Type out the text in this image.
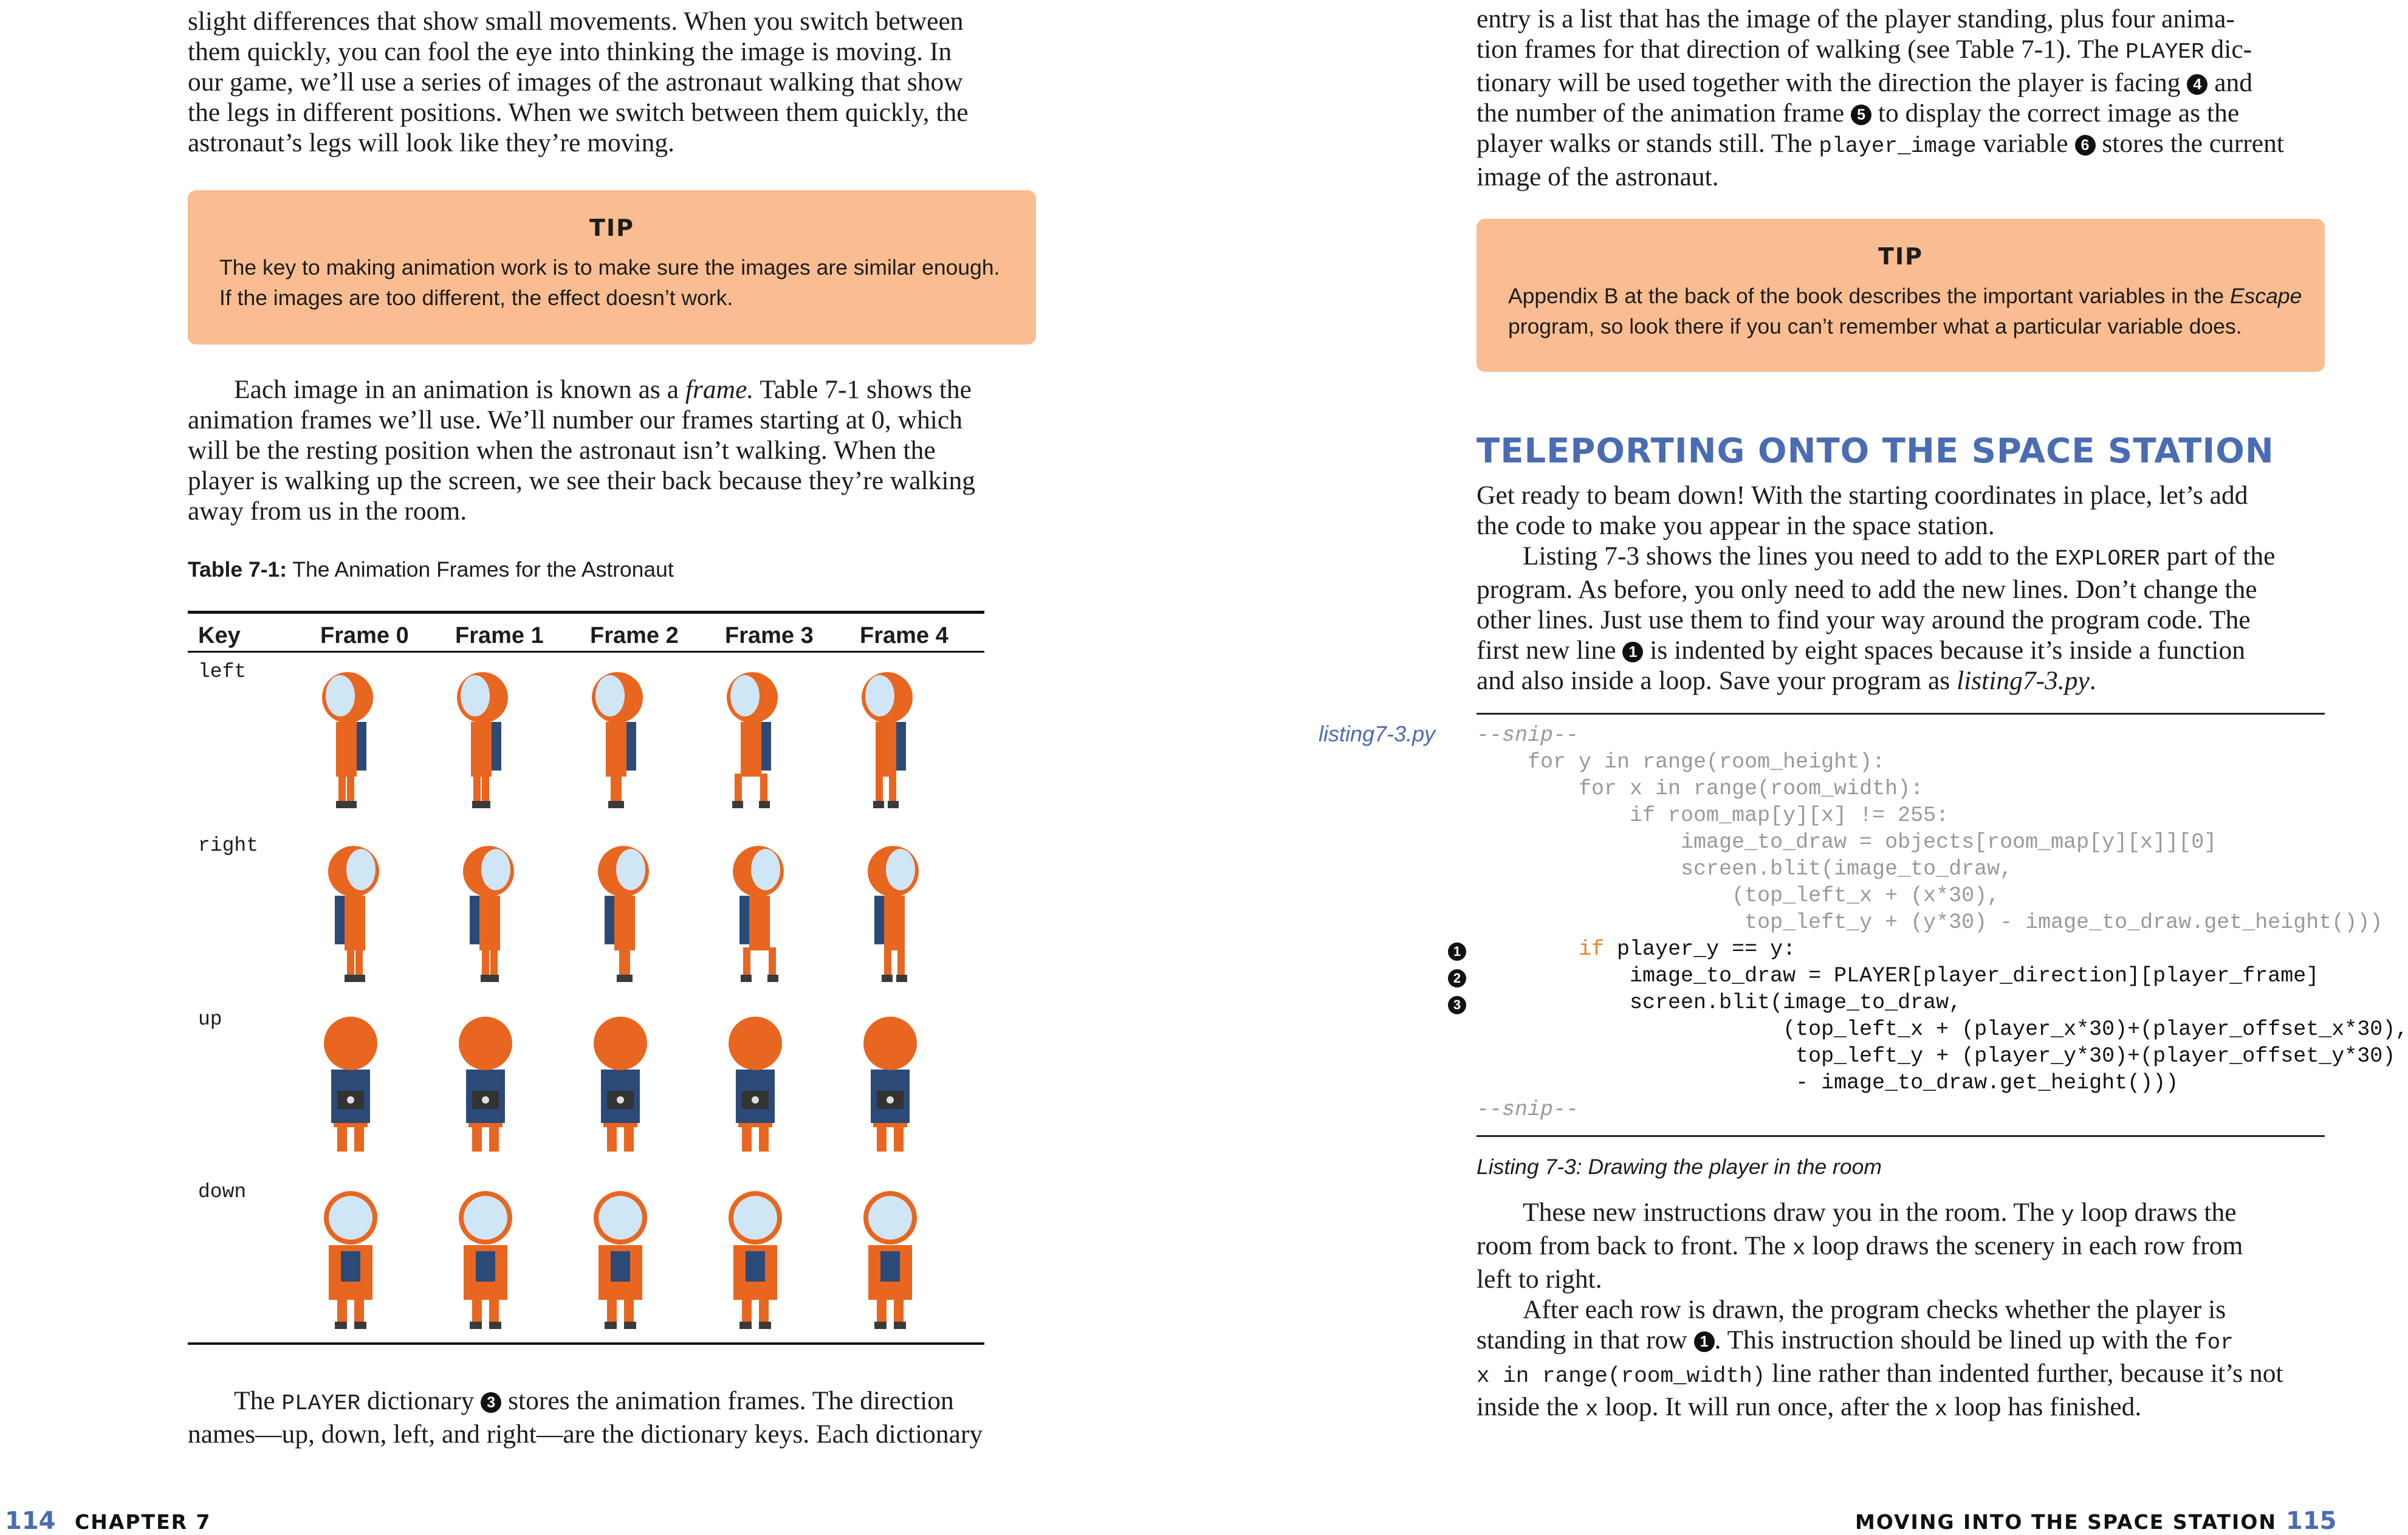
slight differences that show small movements. When you switch between
them quickly, you can fool the eye into thinking the image is moving. In
our game, we’ll use a series of images of the astronaut walking that show
the legs in different positions. When we switch between them quickly, the
astronaut’s legs will look like they’re moving.
TIP
The key to making animation work is to make sure the images are similar enough.
If the images are too different, the effect doesn’t work.
Each image in an animation is known as a frame. Table 7-1 shows the
animation frames we’ll use. We’ll number our frames starting at 0, which
will be the resting position when the astronaut isn’t walking. When the
player is walking up the screen, we see their back because they’re walking
away from us in the room.
Table 7-1: The Animation Frames for the Astronaut
Key	Frame 0 Frame 1 Frame 2 Frame 3 Frame 4
left
right
up
down
The PLAYER dictionary 3 stores the animation frames. The direction
names—up, down, left, and right—are the dictionary keys. Each dictionary
114 CHAPTER 7
entry is a list that has the image of the player standing, plus four anima-
tion frames for that direction of walking (see Table 7-1). The PLAYER dic-
tionary will be used together with the direction the player is facing 4 and
the number of the animation frame 5 to display the correct image as the
player walks or stands still. The player_image variable 6 stores the current
image of the astronaut.
TIP
Appendix B at the back of the book describes the important variables in the Escape
program, so look there if you can’t remember what a particular variable does.
TELEPORTING ONTO THE SPACE STATION
Get ready to beam down! With the starting coordinates in place, let’s add
the code to make you appear in the space station.
Listing 7-3 shows the lines you need to add to the EXPLORER part of the
program. As before, you only need to add the new lines. Don’t change the
other lines. Just use them to find your way around the program code. The
first new line 1 is indented by eight spaces because it’s inside a function
and also inside a loop. Save your program as listing7-3.py.
listing7-3.py --snip--
for y in range(room_height):
for x in range(room_width):
if room_map[y][x] != 255:
image_to_draw = objects[room_map[y][x]][0]
screen.blit(image_to_draw,
(top_left_x + (x*30),
top_left_y + (y*30) - image_to_draw.get_height()))
if player_y == y:
image_to_draw = PLAYER[player_direction][player_frame]
screen.blit(image_to_draw,
(top_left_x + (player_x*30)+(player_offset_x*30),
top_left_y + (player_y*30)+(player_offset_y*30)
- image_to_draw.get_height()))
--snip--
1
2
3
Listing 7-3: Drawing the player in the room
These new instructions draw you in the room. The y loop draws the
room from back to front. The x loop draws the scenery in each row from
left to right.
After each row is drawn, the program checks whether the player is
standing in that row 1 . This instruction should be lined up with the for
x in range(room_width) line rather than indented further, because it’s not
inside the x loop. It will run once, after the x loop has finished.
MOVING INTO THE SPACE STATION 115
